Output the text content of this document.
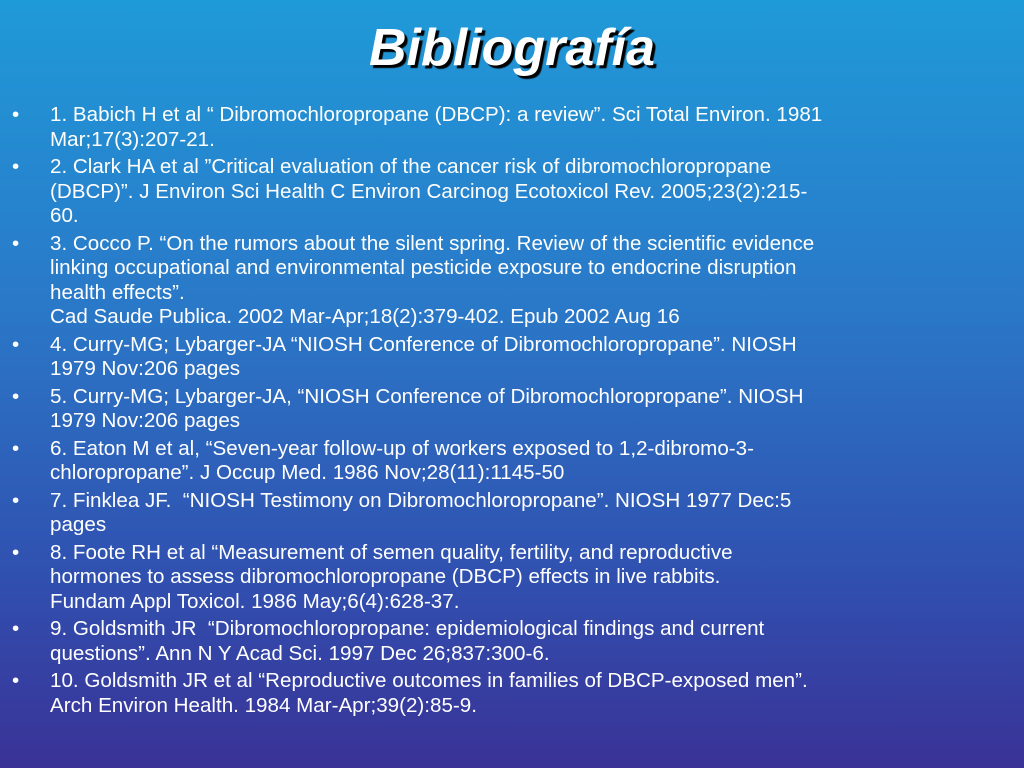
Bibliografía
• 1. Babich H et al “ Dibromochloropropane (DBCP): a review”. Sci Total Environ. 1981
Mar;17(3):207-21.
• 2. Clark HA et al ”Critical evaluation of the cancer risk of dibromochloropropane
(DBCP)”. J Environ Sci Health C Environ Carcinog Ecotoxicol Rev. 2005;23(2):215-
60.
• 3. Cocco P. “On the rumors about the silent spring. Review of the scientific evidence
linking occupational and environmental pesticide exposure to endocrine disruption
health effects”.
Cad Saude Publica. 2002 Mar-Apr;18(2):379-402. Epub 2002 Aug 16
• 4. Curry-MG; Lybarger-JA “NIOSH Conference of Dibromochloropropane”. NIOSH
1979 Nov:206 pages
• 5. Curry-MG; Lybarger-JA, “NIOSH Conference of Dibromochloropropane”. NIOSH
1979 Nov:206 pages
• 6. Eaton M et al, “Seven-year follow-up of workers exposed to 1,2-dibromo-3-
chloropropane”. J Occup Med. 1986 Nov;28(11):1145-50
• 7. Finklea JF.  “NIOSH Testimony on Dibromochloropropane”. NIOSH 1977 Dec:5
pages
• 8. Foote RH et al “Measurement of semen quality, fertility, and reproductive
hormones to assess dibromochloropropane (DBCP) effects in live rabbits.
Fundam Appl Toxicol. 1986 May;6(4):628-37.
• 9. Goldsmith JR  “Dibromochloropropane: epidemiological findings and current
questions”. Ann N Y Acad Sci. 1997 Dec 26;837:300-6.
• 10. Goldsmith JR et al “Reproductive outcomes in families of DBCP-exposed men”.
Arch Environ Health. 1984 Mar-Apr;39(2):85-9.
